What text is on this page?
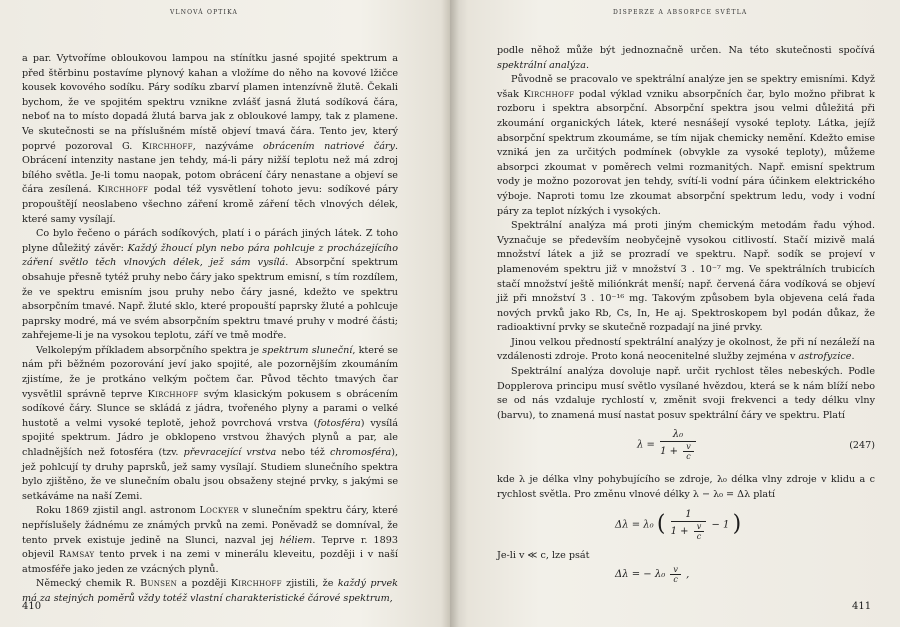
VLNOVÁ OPTIKA

a par. Vytvoříme obloukovou lampou na stínítku jasné spojité spektrum a před štěrbinu postavíme plynový kahan a vložíme do něho na kovové lžičce kousek kovového sodíku. Páry sodíku zbarví plamen intenzívně žlutě. Čekali bychom, že ve spojitém spektru vznikne zvlášť jasná žlutá sodíková čára, neboť na to místo dopadá žlutá barva jak z obloukové lampy, tak z plamene. Ve skutečnosti se na příslušném místě objeví tmavá čára. Tento jev, který poprvé pozoroval G. Kirchhoff, nazýváme obrácením natriové čáry. Obrácení intenzity nastane jen tehdy, má-li páry nižší teplotu než má zdroj bílého světla. Je-li tomu naopak, potom obrácení čáry nenastane a objeví se čára zesílená. Kirchhoff podal též vysvětlení tohoto jevu: sodíkové páry propouštějí neoslabeno všechno záření kromě záření těch vlnových délek, které samy vysílají.

Co bylo řečeno o párách sodíkových, platí i o párách jiných látek. Z toho plyne důležitý závěr: Každý žhoucí plyn nebo pára pohlcuje z procházejícího záření světlo těch vlnových délek, jež sám vysílá. Absorpční spektrum obsahuje přesně tytéž pruhy nebo čáry jako spektrum emisní, s tím rozdílem, že ve spektru emisním jsou pruhy nebo čáry jasné, kdežto ve spektru absorpčním tmavé. Např. žluté sklo, které propouští paprsky žluté a pohlcuje paprsky modré, má ve svém absorpčním spektru tmavé pruhy v modré části; zahřejeme-li je na vysokou teplotu, září ve tmě modře.

Velkolepým příkladem absorpčního spektra je spektrum sluneční, které se nám při běžném pozorování jeví jako spojité, ale pozornějším zkoumáním zjistíme, že je protkáno velkým počtem čar. Původ těchto tmavých čar vysvětlil správně teprve Kirchhoff svým klasickým pokusem s obrácením sodíkové čáry. Slunce se skládá z jádra, tvořeného plyny a parami o velké hustotě a velmi vysoké teplotě, jehož povrchová vrstva (fotosféra) vysílá spojité spektrum. Jádro je obklopeno vrstvou žhavých plynů a par, ale chladnějších než fotosféra (tzv. převracející vrstva nebo též chromosféra), jež pohlcují ty druhy paprsků, jež samy vysílají. Studiem slunečního spektra bylo zjištěno, že ve slunečním obalu jsou obsaženy stejné prvky, s jakými se setkáváme na naší Zemi.

Roku 1869 zjistil angl. astronom Lockyer v slunečním spektru čáry, které nepříslušely žádnému ze známých prvků na zemi. Poněvadž se domníval, že tento prvek existuje jedině na Slunci, nazval jej héliem. Teprve r. 1893 objevil Ramsay tento prvek i na zemi v minerálu kleveitu, později i v naší atmosféře jako jeden ze vzácných plynů.

Německý chemik R. Bunsen a později Kirchhoff zjistili, že každý prvek má za stejných poměrů vždy totéž vlastní charakteristické čárové spektrum,

410
DISPERZE A ABSORPCE SVĚTLA

podle něhož může být jednoznačně určen. Na této skutečnosti spočívá spektrální analýza.

Původně se pracovalo ve spektrální analýze jen se spektry emisními. Když však Kirchhoff podal výklad vzniku absorpčních čar, bylo možno přibrat k rozboru i spektra absorpční. Absorpční spektra jsou velmi důležitá při zkoumání organických látek, které nesnášejí vysoké teploty. Látka, jejíž absorpční spektrum zkoumáme, se tím nijak chemicky nemění. Kdežto emise vzniká jen za určitých podmínek (obvykle za vysoké teploty), můžeme absorpci zkoumat v poměrech velmi rozmanitých. Např. emisní spektrum vody je možno pozorovat jen tehdy, svítí-li vodní pára účinkem elektrického výboje. Naproti tomu lze zkoumat absorpční spektrum ledu, vody i vodní páry za teplot nízkých i vysokých.

Spektrální analýza má proti jiným chemickým metodám řadu výhod. Vyznačuje se především neobyčejně vysokou citlivostí. Stačí mizivě malá množství látek a již se prozradí ve spektru. Např. sodík se projeví v plamenovém spektru již v množství 3 . 10⁻⁷ mg. Ve spektrálních trubicích stačí množství ještě miliónkrát menší; např. červená čára vodíková se objeví již při množství 3 . 10⁻¹⁶ mg. Takovým způsobem byla objevena celá řada nových prvků jako Rb, Cs, In, He aj. Spektroskopem byl podán důkaz, že radioaktivní prvky se skutečně rozpadají na jiné prvky.

Jinou velkou předností spektrální analýzy je okolnost, že při ní nezáleží na vzdálenosti zdroje. Proto koná neocenitelné služby zejména v astrofyzice.

Spektrální analýza dovoluje např. určit rychlost těles nebeských. Podle Dopplerova principu musí světlo vysílané hvězdou, která se k nám blíží nebo se od nás vzdaluje rychlostí v, změnit svoji frekvenci a tedy délku vlny (barvu), to znamená musí nastat posuv spektrální čáry ve spektru. Platí

$\lambda = \frac{\text{λ₀}}{1 + \frac{v}{c}}$	(247)

kde λ je délka vlny pohybujícího se zdroje, λ₀ délka vlny zdroje v klidu a c rychlost světla. Pro změnu vlnové délky λ − λ₀ = Δλ platí

Δλ = λ₀ ( $\frac{1}{1 + \frac{v}{c}} - 1$ )

Je-li v ≪ c, lze psát

Δλ = − $\lambda_0 \frac{v}{c}$ ,
411
